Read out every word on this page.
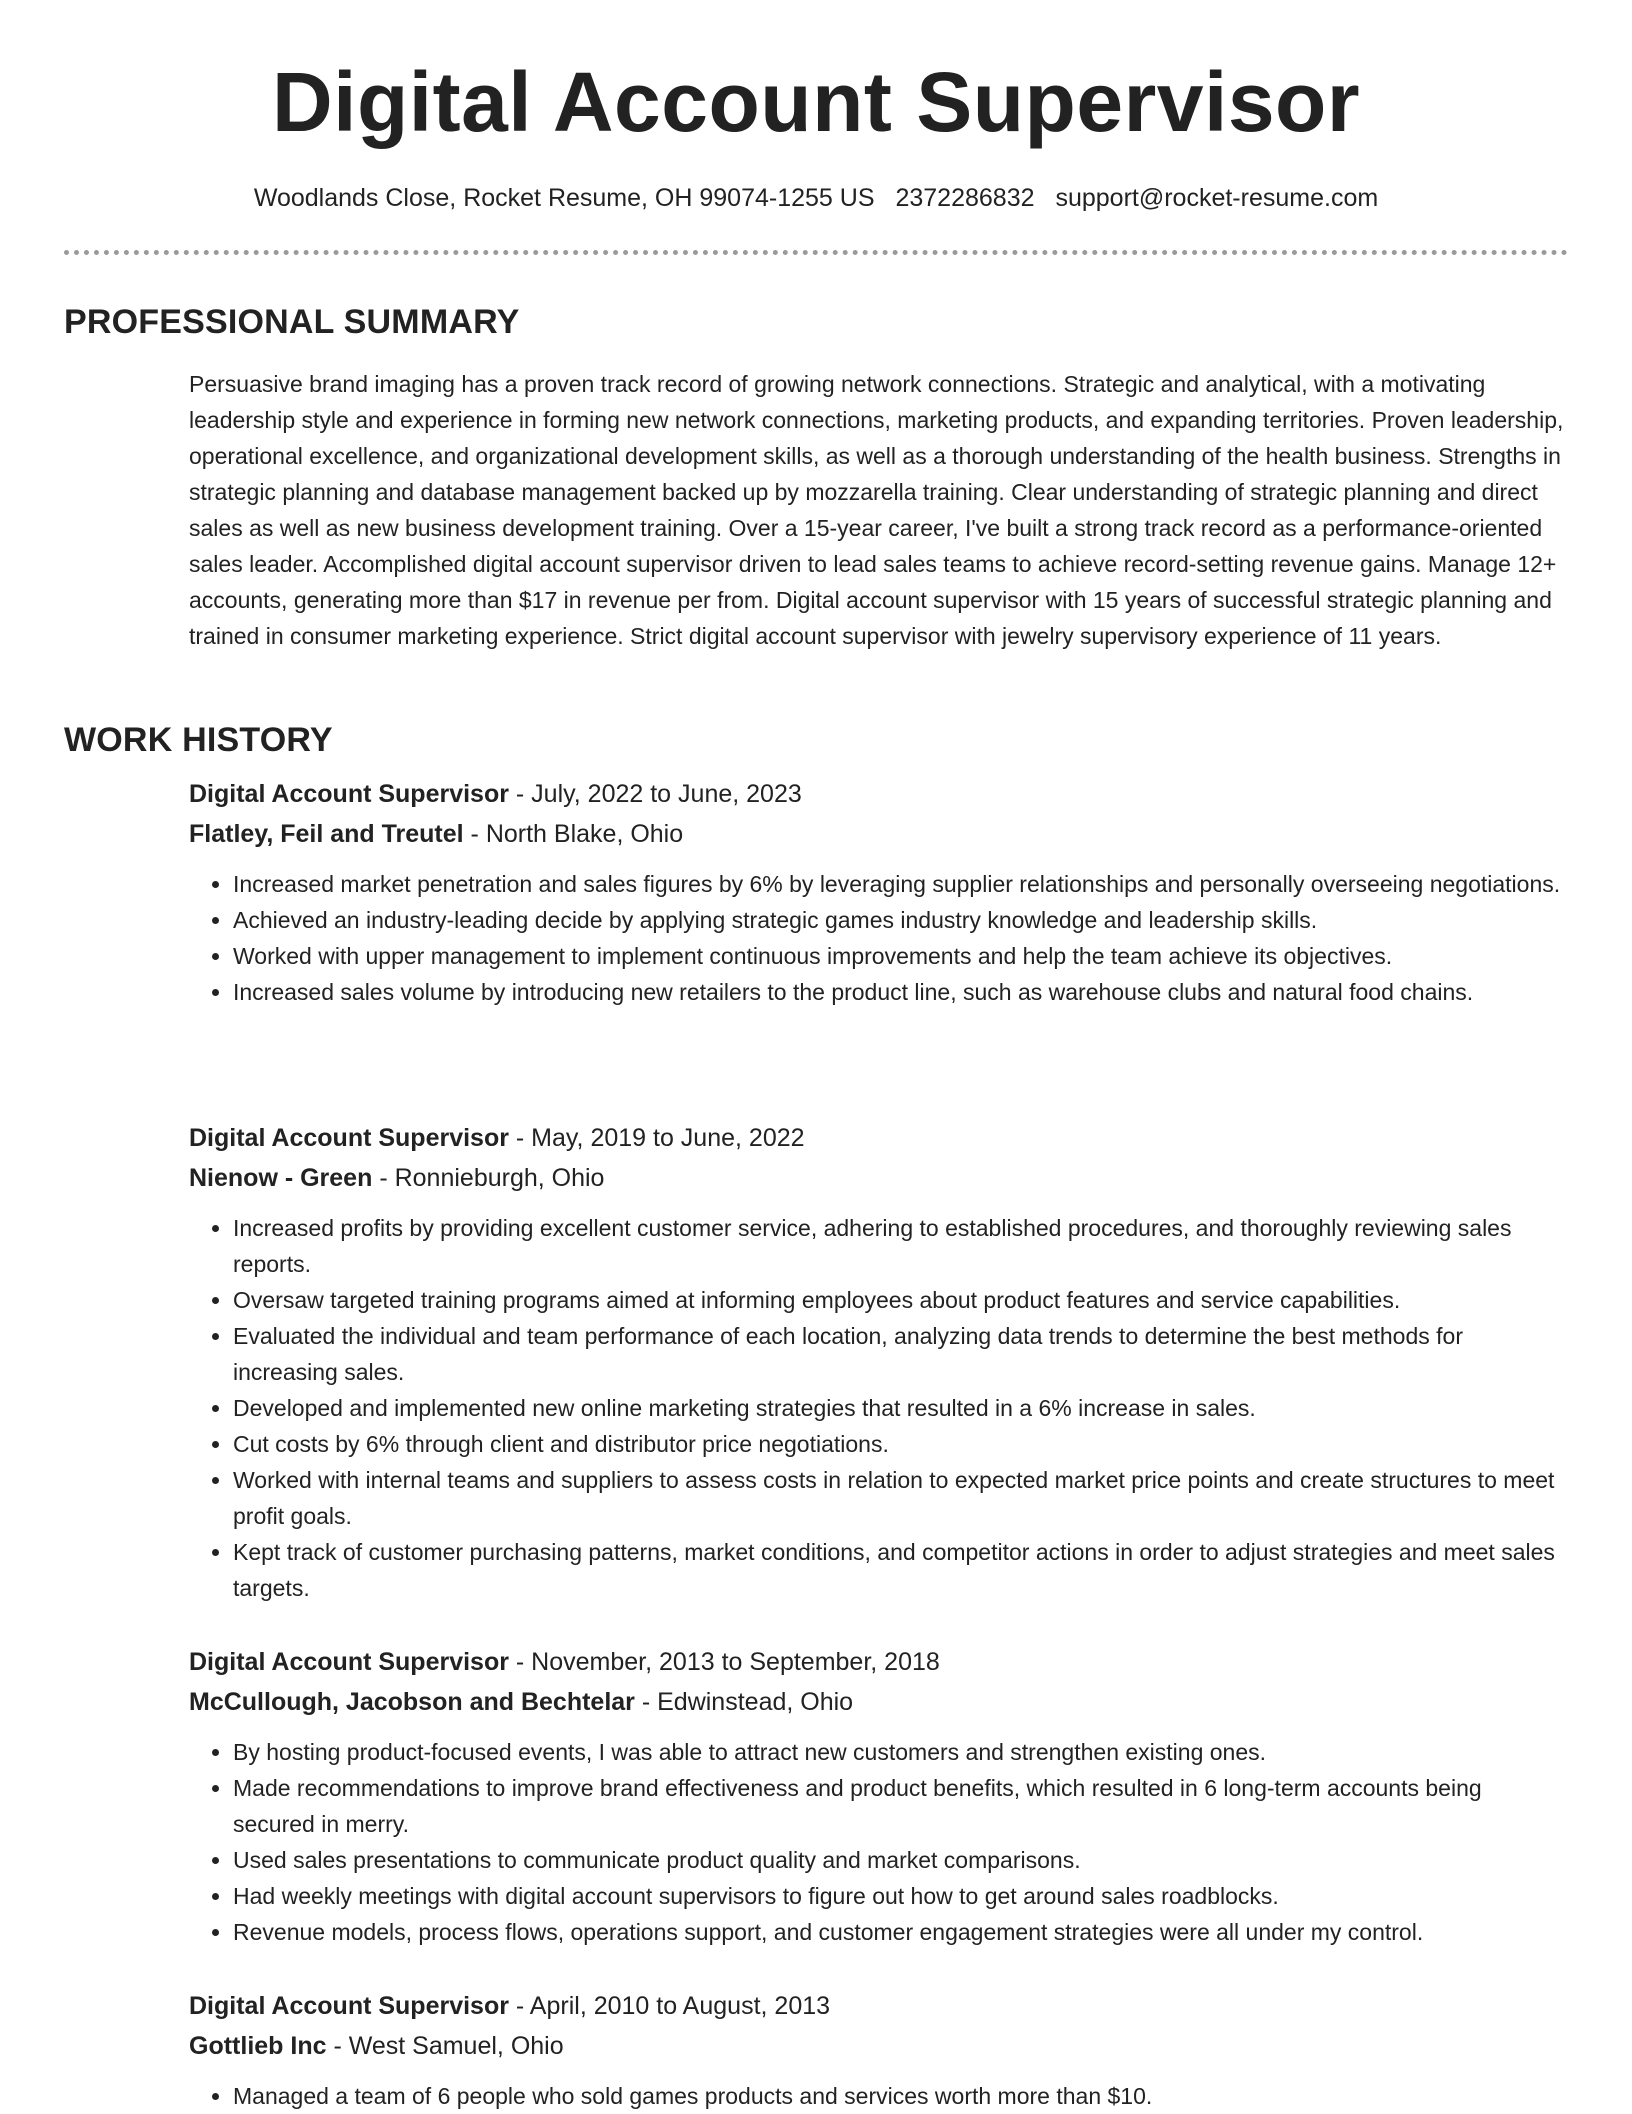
Digital Account Supervisor
Woodlands Close, Rocket Resume, OH 99074-1255 US 2372286832 support@rocket-resume.com
PROFESSIONAL SUMMARY
Persuasive brand imaging has a proven track record of growing network connections. Strategic and analytical, with a motivating leadership style and experience in forming new network connections, marketing products, and expanding territories. Proven leadership, operational excellence, and organizational development skills, as well as a thorough understanding of the health business. Strengths in strategic planning and database management backed up by mozzarella training. Clear understanding of strategic planning and direct sales as well as new business development training. Over a 15-year career, I've built a strong track record as a performance-oriented sales leader. Accomplished digital account supervisor driven to lead sales teams to achieve record-setting revenue gains. Manage 12+ accounts, generating more than $17 in revenue per from. Digital account supervisor with 15 years of successful strategic planning and trained in consumer marketing experience. Strict digital account supervisor with jewelry supervisory experience of 11 years.
WORK HISTORY
Digital Account Supervisor - July, 2022 to June, 2023
Flatley, Feil and Treutel - North Blake, Ohio
• Increased market penetration and sales figures by 6% by leveraging supplier relationships and personally overseeing negotiations.
• Achieved an industry-leading decide by applying strategic games industry knowledge and leadership skills.
• Worked with upper management to implement continuous improvements and help the team achieve its objectives.
• Increased sales volume by introducing new retailers to the product line, such as warehouse clubs and natural food chains.
Digital Account Supervisor - May, 2019 to June, 2022
Nienow - Green - Ronnieburgh, Ohio
• Increased profits by providing excellent customer service, adhering to established procedures, and thoroughly reviewing sales reports.
• Oversaw targeted training programs aimed at informing employees about product features and service capabilities.
• Evaluated the individual and team performance of each location, analyzing data trends to determine the best methods for increasing sales.
• Developed and implemented new online marketing strategies that resulted in a 6% increase in sales.
• Cut costs by 6% through client and distributor price negotiations.
• Worked with internal teams and suppliers to assess costs in relation to expected market price points and create structures to meet profit goals.
• Kept track of customer purchasing patterns, market conditions, and competitor actions in order to adjust strategies and meet sales targets.
Digital Account Supervisor - November, 2013 to September, 2018
McCullough, Jacobson and Bechtelar - Edwinstead, Ohio
• By hosting product-focused events, I was able to attract new customers and strengthen existing ones.
• Made recommendations to improve brand effectiveness and product benefits, which resulted in 6 long-term accounts being secured in merry.
• Used sales presentations to communicate product quality and market comparisons.
• Had weekly meetings with digital account supervisors to figure out how to get around sales roadblocks.
• Revenue models, process flows, operations support, and customer engagement strategies were all under my control.
Digital Account Supervisor - April, 2010 to August, 2013
Gottlieb Inc - West Samuel, Ohio
• Managed a team of 6 people who sold games products and services worth more than $10.
